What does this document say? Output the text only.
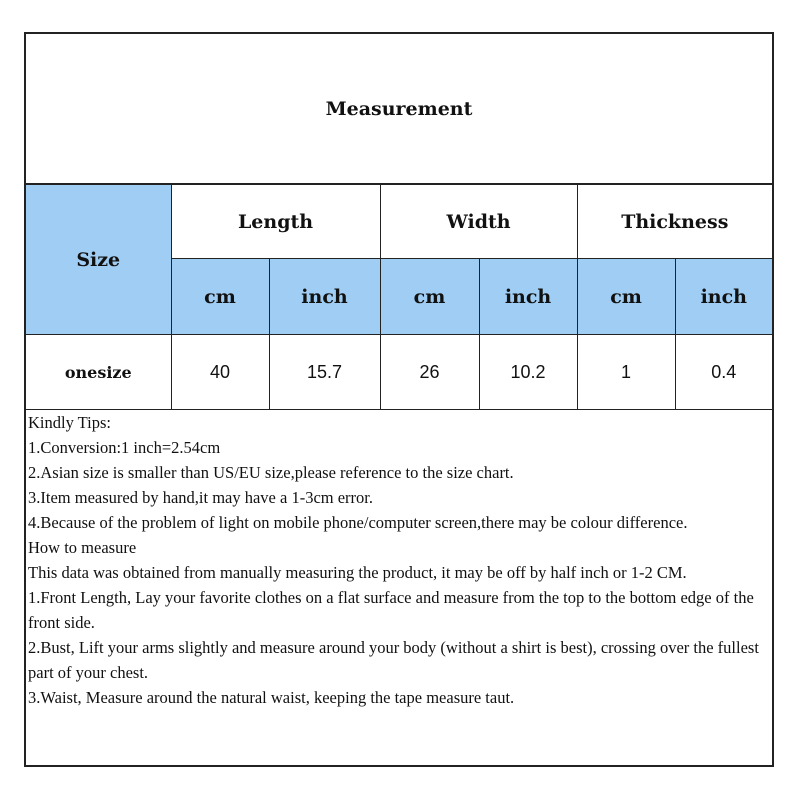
Measurement
Size	Length		Width		Thickness	
	cm	inch	cm	inch	cm	inch
onesize	40	15.7	26	10.2	1	0.4
Kindly Tips:
1.Conversion:1 inch=2.54cm
2.Asian size is smaller than US/EU size,please reference to the size chart.
3.Item measured by hand,it may have a 1-3cm error.
4.Because of the problem of light on mobile phone/computer screen,there may be colour difference.
How to measure
This data was obtained from manually measuring the product, it may be off by half inch or 1-2 CM.
1.Front Length, Lay your favorite clothes on a flat surface and measure from the top to the bottom edge of the front side.
2.Bust, Lift your arms slightly and measure around your body (without a shirt is best), crossing over the fullest part of your chest.
3.Waist, Measure around the natural waist, keeping the tape measure taut.
